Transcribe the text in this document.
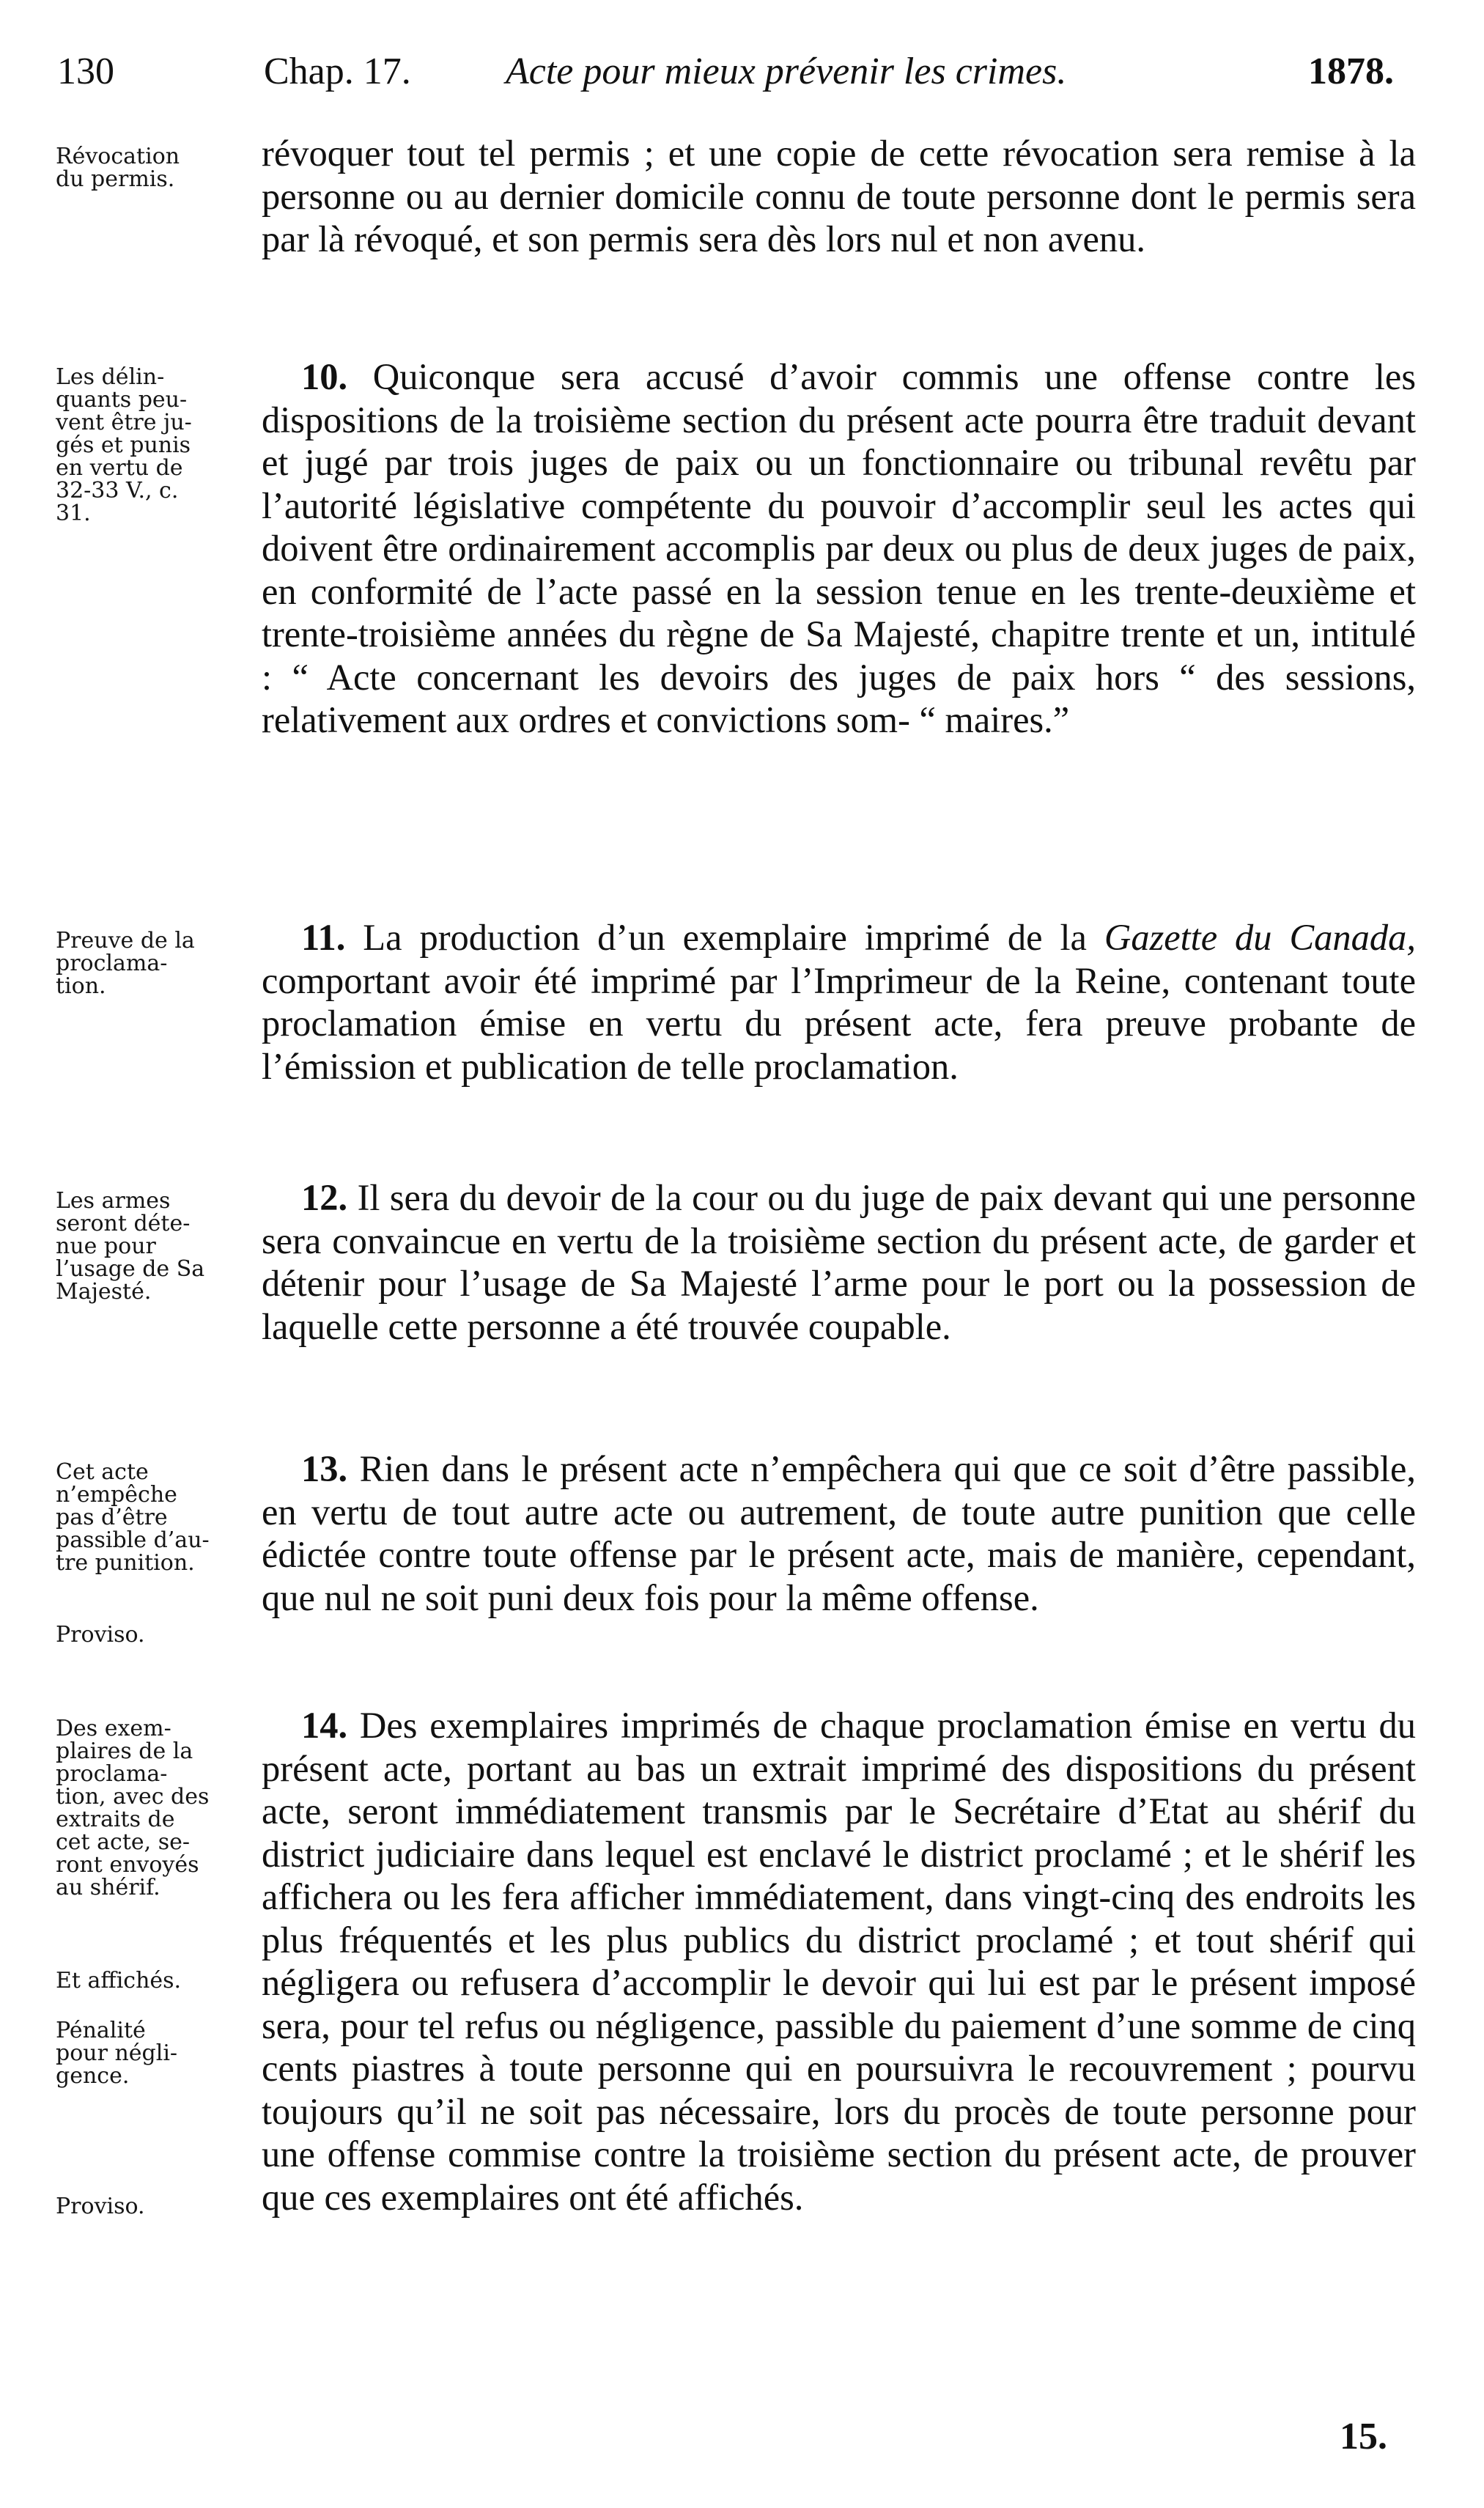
130	Chap. 17. Acte pour mieux prévenir les crimes.	1878.
Révocation
du permis.
révoquer tout tel permis ; et une copie de cette révocation sera remise à la personne ou au dernier domicile connu de toute personne dont le permis sera par là révoqué, et son permis sera dès lors nul et non avenu.
Les délin-
quants peu-
vent être ju-
gés et punis
en vertu de
32-33 V., c.
31.
10. Quiconque sera accusé d’avoir commis une offense contre les dispositions de la troisième section du présent acte pourra être traduit devant et jugé par trois juges de paix ou un fonctionnaire ou tribunal revêtu par l’autorité législative compétente du pouvoir d’accomplir seul les actes qui doivent être ordinairement accomplis par deux ou plus de deux juges de paix, en conformité de l’acte passé en la session tenue en les trente-deuxième et trente-troisième années du règne de Sa Majesté, chapitre trente et un, intitulé : “ Acte concernant les devoirs des juges de paix hors “ des sessions, relativement aux ordres et convictions som- “ maires.”
Preuve de la
proclama-
tion.
11. La production d’un exemplaire imprimé de la Gazette du Canada, comportant avoir été imprimé par l’Imprimeur de la Reine, contenant toute proclamation émise en vertu du présent acte, fera preuve probante de l’émission et publication de telle proclamation.
Les armes
seront déte-
nue pour
l’usage de Sa
Majesté.
12. Il sera du devoir de la cour ou du juge de paix devant qui une personne sera convaincue en vertu de la troisième section du présent acte, de garder et détenir pour l’usage de Sa Majesté l’arme pour le port ou la possession de laquelle cette personne a été trouvée coupable.
Cet acte
n’empêche
pas d’être
passible d’au-
tre punition.
Proviso.
13. Rien dans le présent acte n’empêchera qui que ce soit d’être passible, en vertu de tout autre acte ou autrement, de toute autre punition que celle édictée contre toute offense par le présent acte, mais de manière, cependant, que nul ne soit puni deux fois pour la même offense.
Des exem-
plaires de la
proclama-
tion, avec des
extraits de
cet acte, se-
ront envoyés
au shérif.
Et affichés.
Pénalité
pour négli-
gence.
Proviso.
14. Des exemplaires imprimés de chaque proclamation émise en vertu du présent acte, portant au bas un extrait imprimé des dispositions du présent acte, seront immédiatement transmis par le Secrétaire d’Etat au shérif du district judiciaire dans lequel est enclavé le district proclamé ; et le shérif les affichera ou les fera afficher immédiatement, dans vingt-cinq des endroits les plus fréquentés et les plus publics du district proclamé ; et tout shérif qui négligera ou refusera d’accomplir le devoir qui lui est par le présent imposé sera, pour tel refus ou négligence, passible du paiement d’une somme de cinq cents piastres à toute personne qui en poursuivra le recouvrement ; pourvu toujours qu’il ne soit pas nécessaire, lors du procès de toute personne pour une offense commise contre la troisième section du présent acte, de prouver que ces exemplaires ont été affichés.
15.
